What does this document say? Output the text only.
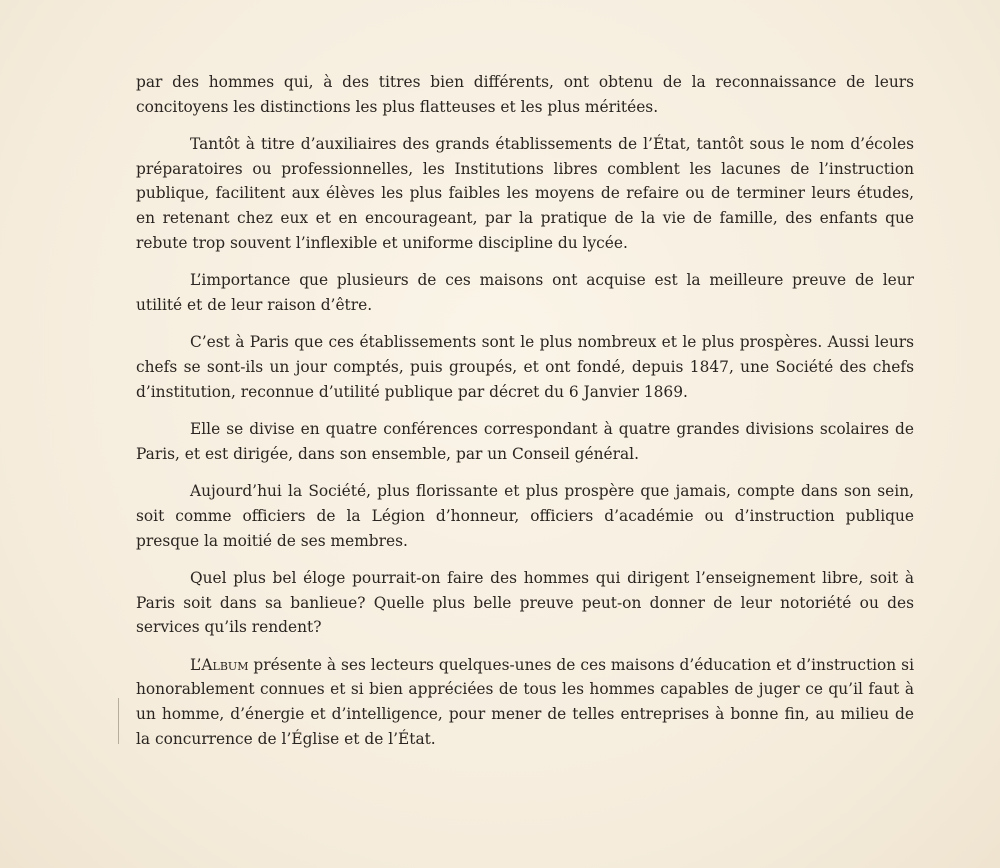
par des hommes qui, à des titres bien différents, ont obtenu de la reconnaissance de leurs concitoyens les distinctions les plus flatteuses et les plus méritées.

Tantôt à titre d’auxiliaires des grands établissements de l’État, tantôt sous le nom d’écoles préparatoires ou professionnelles, les Institutions libres comblent les lacunes de l’instruction publique, facilitent aux élèves les plus faibles les moyens de refaire ou de terminer leurs études, en retenant chez eux et en encourageant, par la pratique de la vie de famille, des enfants que rebute trop souvent l’inflexible et uniforme discipline du lycée.

L’importance que plusieurs de ces maisons ont acquise est la meilleure preuve de leur utilité et de leur raison d’être.

C’est à Paris que ces établissements sont le plus nombreux et le plus prospères. Aussi leurs chefs se sont-ils un jour comptés, puis groupés, et ont fondé, depuis 1847, une Société des chefs d’institution, reconnue d’utilité publique par décret du 6 Janvier 1869.

Elle se divise en quatre conférences correspondant à quatre grandes divisions scolaires de Paris, et est dirigée, dans son ensemble, par un Conseil général.

Aujourd’hui la Société, plus florissante et plus prospère que jamais, compte dans son sein, soit comme officiers de la Légion d’honneur, officiers d’académie ou d’instruction publique presque la moitié de ses membres.

Quel plus bel éloge pourrait-on faire des hommes qui dirigent l’enseignement libre, soit à Paris soit dans sa banlieue? Quelle plus belle preuve peut-on donner de leur notoriété ou des services qu’ils rendent?

L’Album présente à ses lecteurs quelques-unes de ces maisons d’éducation et d’instruction si honorablement connues et si bien appréciées de tous les hommes capables de juger ce qu’il faut à un homme, d’énergie et d’intelligence, pour mener de telles entreprises à bonne fin, au milieu de la concurrence de l’Église et de l’État.
